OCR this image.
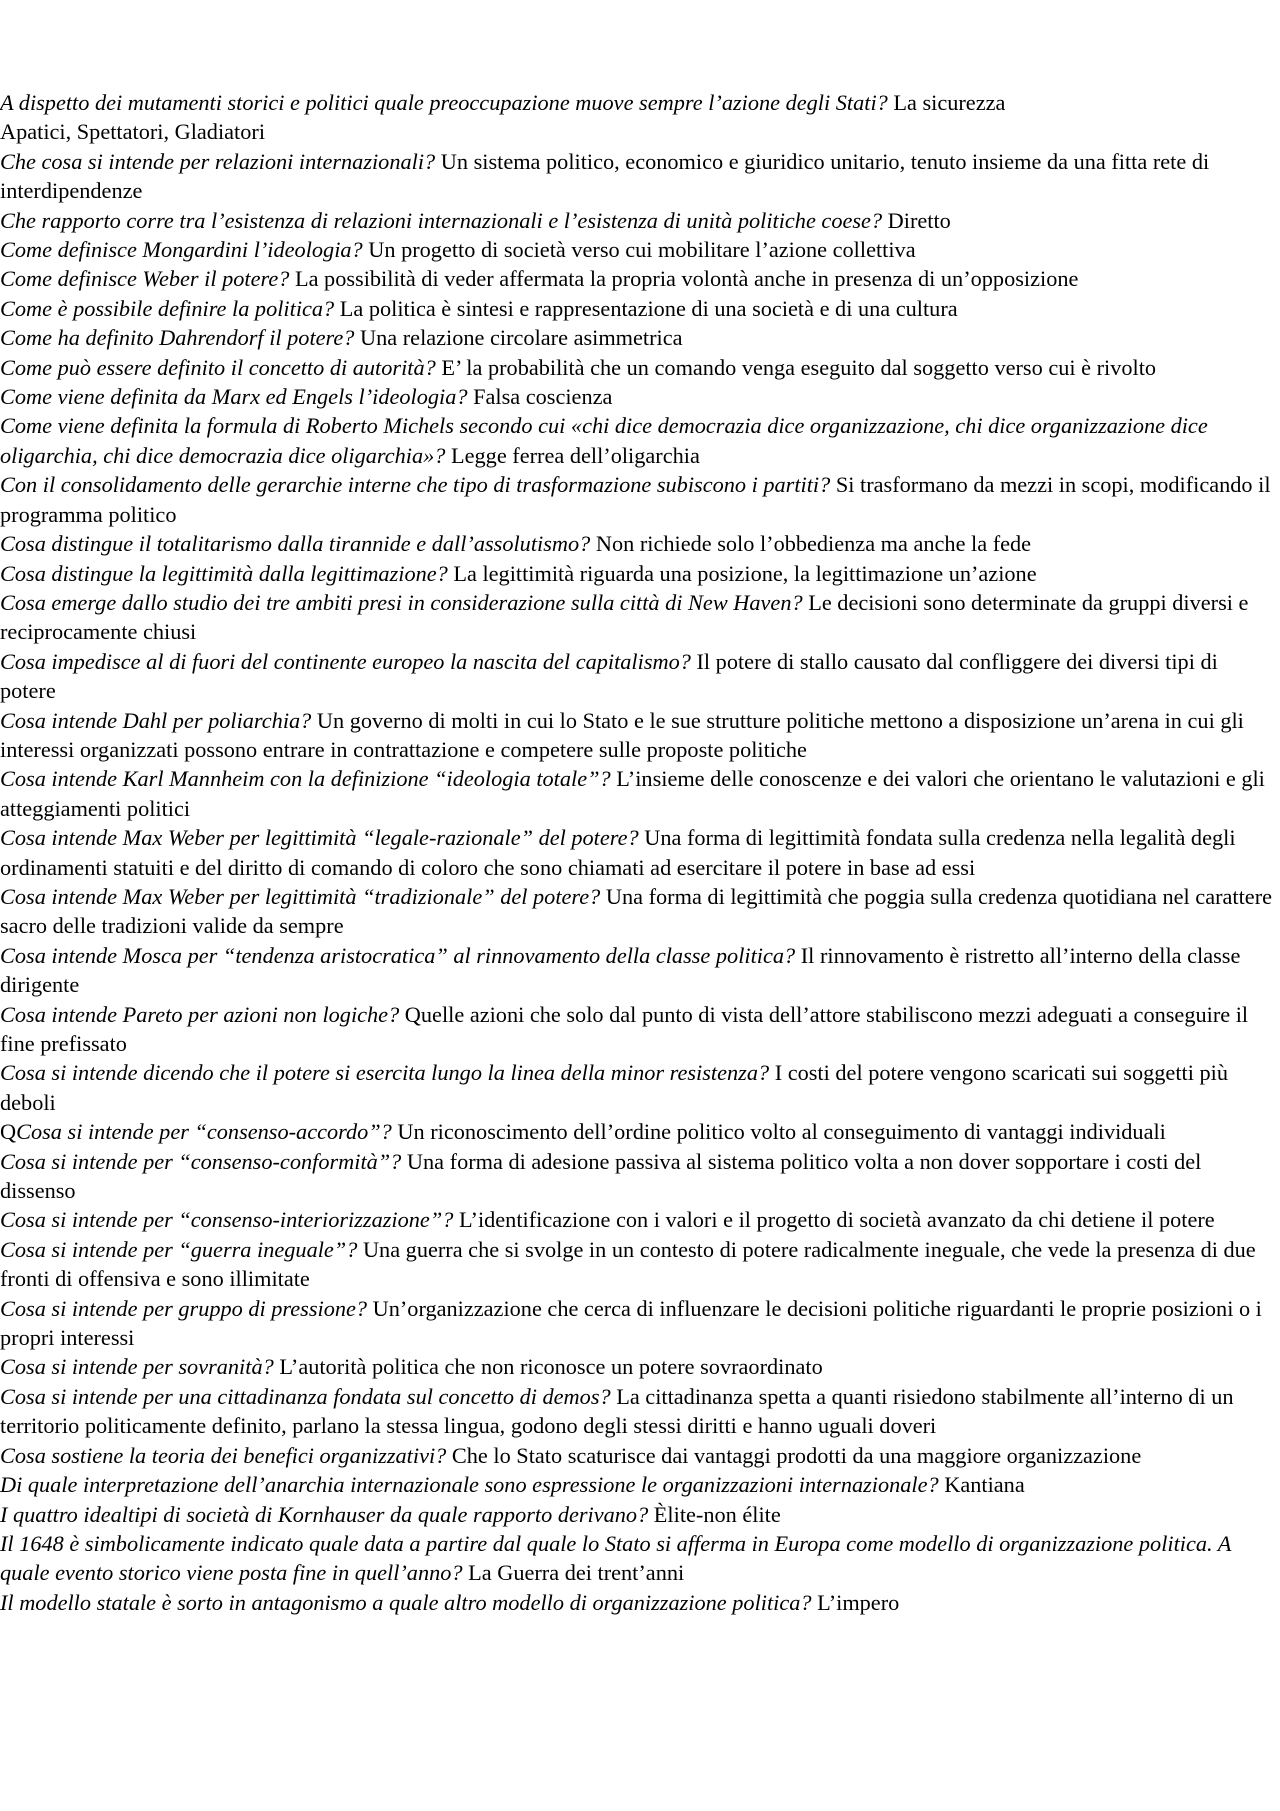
A dispetto dei mutamenti storici e politici quale preoccupazione muove sempre l’azione degli Stati? La sicurezza
Apatici, Spettatori, Gladiatori
Che cosa si intende per relazioni internazionali? Un sistema politico, economico e giuridico unitario, tenuto insieme da una fitta rete di interdipendenze
Che rapporto corre tra l’esistenza di relazioni internazionali e l’esistenza di unità politiche coese? Diretto
Come definisce Mongardini l’ideologia? Un progetto di società verso cui mobilitare l’azione collettiva
Come definisce Weber il potere? La possibilità di veder affermata la propria volontà anche in presenza di un’opposizione
Come è possibile definire la politica? La politica è sintesi e rappresentazione di una società e di una cultura
Come ha definito Dahrendorf il potere? Una relazione circolare asimmetrica
Come può essere definito il concetto di autorità? E’ la probabilità che un comando venga eseguito dal soggetto verso cui è rivolto
Come viene definita da Marx ed Engels l’ideologia? Falsa coscienza
Come viene definita la formula di Roberto Michels secondo cui «chi dice democrazia dice organizzazione, chi dice organizzazione dice oligarchia, chi dice democrazia dice oligarchia»? Legge ferrea dell’oligarchia
Con il consolidamento delle gerarchie interne che tipo di trasformazione subiscono i partiti? Si trasformano da mezzi in scopi, modificando il programma politico
Cosa distingue il totalitarismo dalla tirannide e dall’assolutismo? Non richiede solo l’obbedienza ma anche la fede
Cosa distingue la legittimità dalla legittimazione? La legittimità riguarda una posizione, la legittimazione un’azione
Cosa emerge dallo studio dei tre ambiti presi in considerazione sulla città di New Haven? Le decisioni sono determinate da gruppi diversi e reciprocamente chiusi
Cosa impedisce al di fuori del continente europeo la nascita del capitalismo? Il potere di stallo causato dal confliggere dei diversi tipi di potere
Cosa intende Dahl per poliarchia? Un governo di molti in cui lo Stato e le sue strutture politiche mettono a disposizione un’arena in cui gli interessi organizzati possono entrare in contrattazione e competere sulle proposte politiche
Cosa intende Karl Mannheim con la definizione “ideologia totale”? L’insieme delle conoscenze e dei valori che orientano le valutazioni e gli atteggiamenti politici
Cosa intende Max Weber per legittimità “legale-razionale” del potere? Una forma di legittimità fondata sulla credenza nella legalità degli ordinamenti statuiti e del diritto di comando di coloro che sono chiamati ad esercitare il potere in base ad essi
Cosa intende Max Weber per legittimità “tradizionale” del potere? Una forma di legittimità che poggia sulla credenza quotidiana nel carattere sacro delle tradizioni valide da sempre
Cosa intende Mosca per “tendenza aristocratica” al rinnovamento della classe politica? Il rinnovamento è ristretto all’interno della classe dirigente
Cosa intende Pareto per azioni non logiche? Quelle azioni che solo dal punto di vista dell’attore stabiliscono mezzi adeguati a conseguire il fine prefissato
Cosa si intende dicendo che il potere si esercita lungo la linea della minor resistenza? I costi del potere vengono scaricati sui soggetti più deboli
QCosa si intende per “consenso-accordo”? Un riconoscimento dell’ordine politico volto al conseguimento di vantaggi individuali
Cosa si intende per “consenso-conformità”? Una forma di adesione passiva al sistema politico volta a non dover sopportare i costi del dissenso
Cosa si intende per “consenso-interiorizzazione”? L’identificazione con i valori e il progetto di società avanzato da chi detiene il potere
Cosa si intende per “guerra ineguale”? Una guerra che si svolge in un contesto di potere radicalmente ineguale, che vede la presenza di due fronti di offensiva e sono illimitate
Cosa si intende per gruppo di pressione? Un’organizzazione che cerca di influenzare le decisioni politiche riguardanti le proprie posizioni o i propri interessi
Cosa si intende per sovranità? L’autorità politica che non riconosce un potere sovraordinato
Cosa si intende per una cittadinanza fondata sul concetto di demos? La cittadinanza spetta a quanti risiedono stabilmente all’interno di un territorio politicamente definito, parlano la stessa lingua, godono degli stessi diritti e hanno uguali doveri
Cosa sostiene la teoria dei benefici organizzativi? Che lo Stato scaturisce dai vantaggi prodotti da una maggiore organizzazione
Di quale interpretazione dell’anarchia internazionale sono espressione le organizzazioni internazionale? Kantiana
I quattro idealtipi di società di Kornhauser da quale rapporto derivano? Èlite-non élite
Il 1648 è simbolicamente indicato quale data a partire dal quale lo Stato si afferma in Europa come modello di organizzazione politica. A quale evento storico viene posta fine in quell’anno? La Guerra dei trent’anni
Il modello statale è sorto in antagonismo a quale altro modello di organizzazione politica? L’impero
